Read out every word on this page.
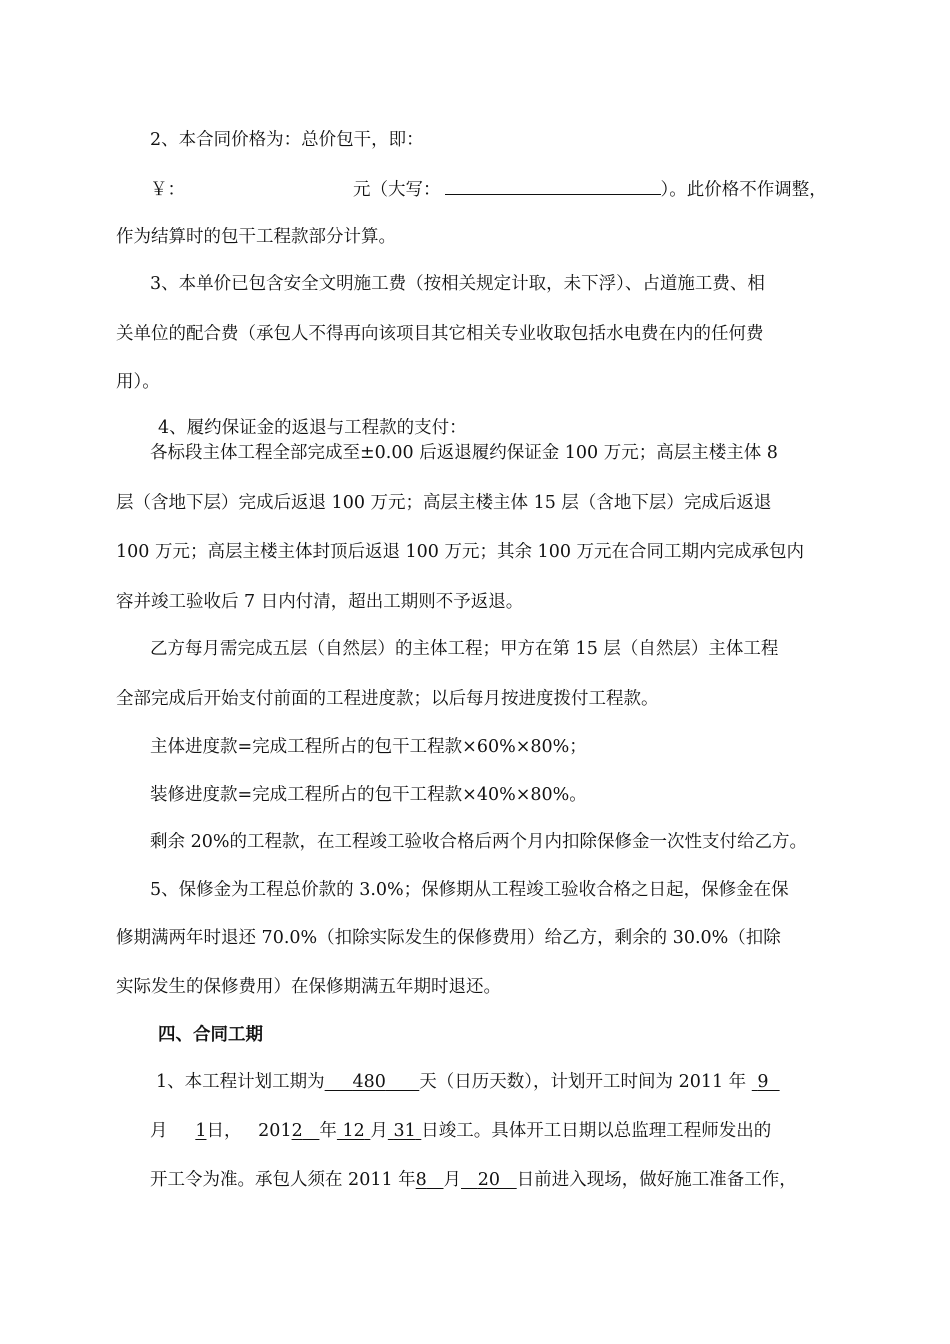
2、本合同价格为：总价包干，即：
￥：	元（大写：	）。此价格不作调整，
作为结算时的包干工程款部分计算。
3、本单价已包含安全文明施工费（按相关规定计取，未下浮）、占道施工费、相
关单位的配合费（承包人不得再向该项目其它相关专业收取包括水电费在内的任何费
用）。
4、履约保证金的返退与工程款的支付：
各标段主体工程全部完成至±0.00 后返退履约保证金 100 万元；高层主楼主体 8
层（含地下层）完成后返退 100 万元；高层主楼主体 15 层（含地下层）完成后返退
100 万元；高层主楼主体封顶后返退 100 万元；其余 100 万元在合同工期内完成承包内
容并竣工验收后 7 日内付清，超出工期则不予返退。
乙方每月需完成五层（自然层）的主体工程；甲方在第 15 层（自然层）主体工程
全部完成后开始支付前面的工程进度款；以后每月按进度拨付工程款。
主体进度款=完成工程所占的包干工程款×60%×80%；
装修进度款=完成工程所占的包干工程款×40%×80%。
剩余 20%的工程款，在工程竣工验收合格后两个月内扣除保修金一次性支付给乙方。
5、保修金为工程总价款的 3.0%；保修期从工程竣工验收合格之日起，保修金在保
修期满两年时退还 70.0%（扣除实际发生的保修费用）给乙方，剩余的 30.0%（扣除
实际发生的保修费用）在保修期满五年期时退还。
四、合同工期
1、本工程计划工期为 480 天（日历天数），计划开工时间为 2011 年 9
月 1日， 2012 年 12 月 31 日竣工。具体开工日期以总监理工程师发出的
开工令为准。承包人须在 2011 年8 月 20 日前进入现场，做好施工准备工作，
